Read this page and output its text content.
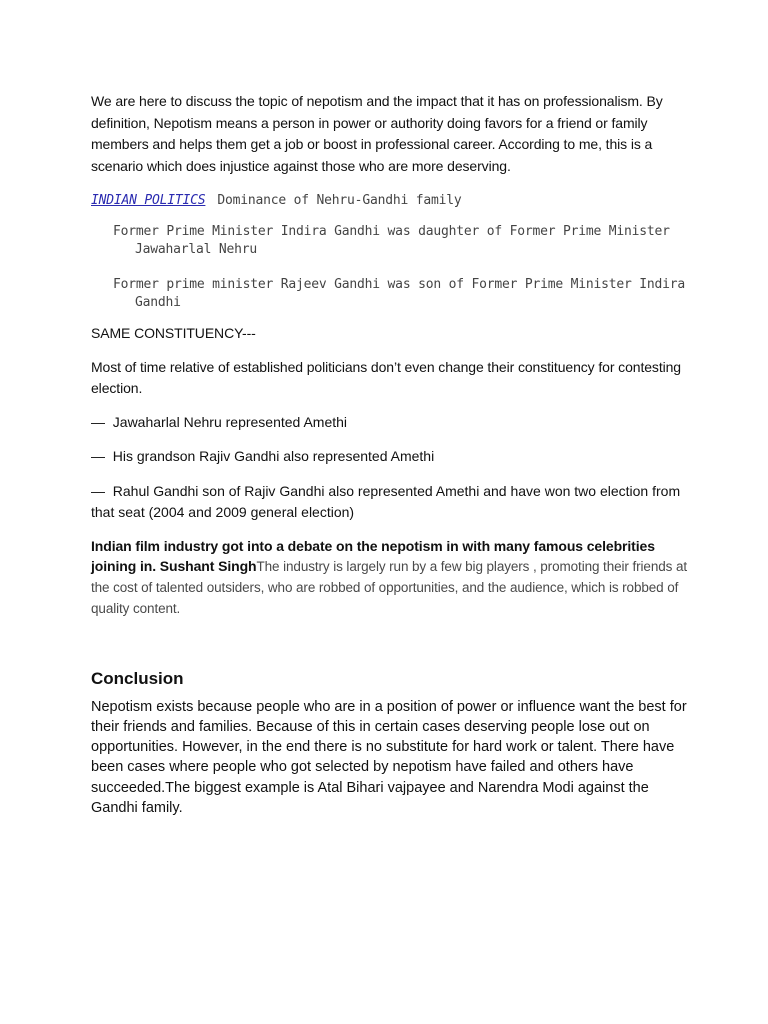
We are here to discuss the topic of nepotism and the impact that it has on professionalism. By definition, Nepotism means a person in power or authority doing favors for a friend or family members and helps them get a job or boost in professional career. According to me, this is a scenario which does injustice against those who are more deserving.

INDIAN POLITICS Dominance of Nehru-Gandhi family
Former Prime Minister Indira Gandhi was daughter of Former Prime Minister Jawaharlal Nehru
Former prime minister Rajeev Gandhi was son of Former Prime Minister Indira Gandhi

SAME CONSTITUENCY---

Most of time relative of established politicians don’t even change their constituency for contesting election.

— Jawaharlal Nehru represented Amethi

— His grandson Rajiv Gandhi also represented Amethi

— Rahul Gandhi son of Rajiv Gandhi also represented Amethi and have won two election from that seat (2004 and 2009 general election)

Indian film industry got into a debate on the nepotism in with many famous celebrities joining in. Sushant SinghThe industry is largely run by a few big players , promoting their friends at the cost of talented outsiders, who are robbed of opportunities, and the audience, which is robbed of quality content.

Conclusion

Nepotism exists because people who are in a position of power or influence want the best for their friends and families. Because of this in certain cases deserving people lose out on opportunities. However, in the end there is no substitute for hard work or talent. There have been cases where people who got selected by nepotism have failed and others have succeeded.The biggest example is Atal Bihari vajpayee and Narendra Modi against the Gandhi family.
